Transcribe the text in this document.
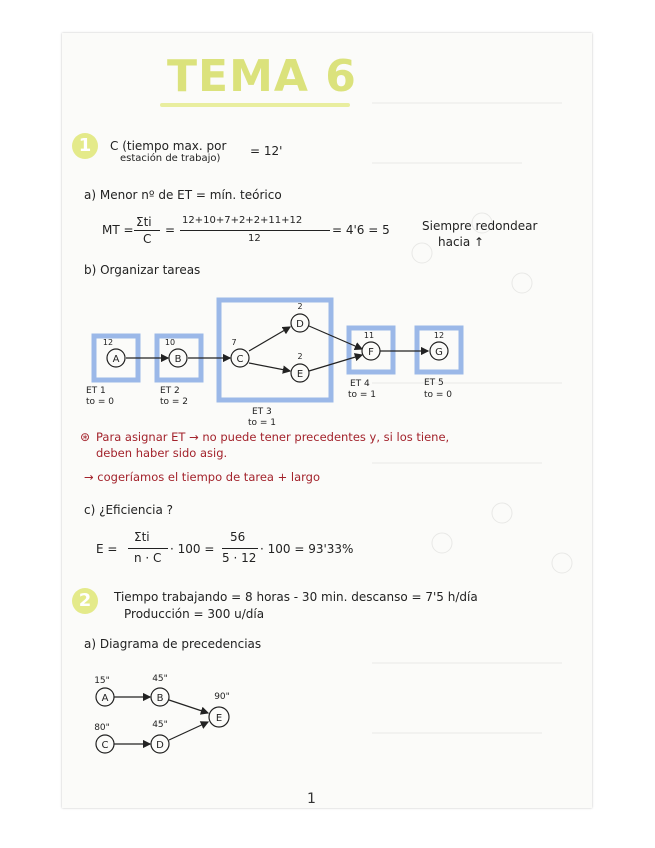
TEMA 6
1	C (tiempo max. por
estación de trabajo)
= 12'
a) Menor nº de ET = mín. teórico
MT =
Σti
C
=
12+10+7+2+2+11+12
12
= 4'6 = 5	Siempre redondear
hacia ↑
b) Organizar tareas
A	B	C
D
E
F	G
12	10	7
2
2
11	12
ET 1
to = 0
ET 2
to = 2
ET 3
to = 1
ET 4
to = 1
ET 5
to = 0
⊛ Para asignar ET → no puede tener precedentes y, si los tiene,
deben haber sido asig.
→ cogeríamos el tiempo de tarea + largo
c) ¿Eficiencia ?
E =
Σti
n · C
· 100 =
56
5 · 12
· 100 = 93'33%
2	Tiempo trabajando = 8 horas - 30 min. descanso = 7'5 h/día
Producción = 300 u/día
a) Diagrama de precedencias
A	B
C	D
E
15"	45"
80"	45"
90"
1
